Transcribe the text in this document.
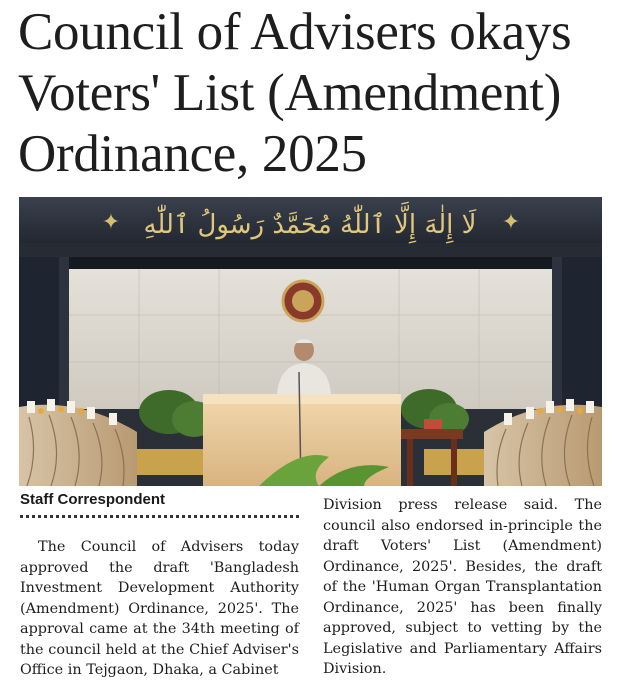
Council of Advisers okays Voters' List (Amendment) Ordinance, 2025
لَا إِلٰهَ إِلَّا ٱللّٰهُ مُحَمَّدٌ رَسُولُ ٱللّٰهِ
✦	✦
Staff Correspondent

The Council of Advisers today approved the draft 'Bangladesh Investment Development Authority (Amendment) Ordinance, 2025'. The approval came at the 34th meeting of the council held at the Chief Adviser's Office in Tejgaon, Dhaka, a Cabinet

Division press release said. The council also endorsed in-principle the draft Voters' List (Amendment) Ordinance, 2025'. Besides, the draft of the 'Human Organ Transplantation Ordinance, 2025' has been finally approved, subject to vetting by the Legislative and Parliamentary Affairs Division.
